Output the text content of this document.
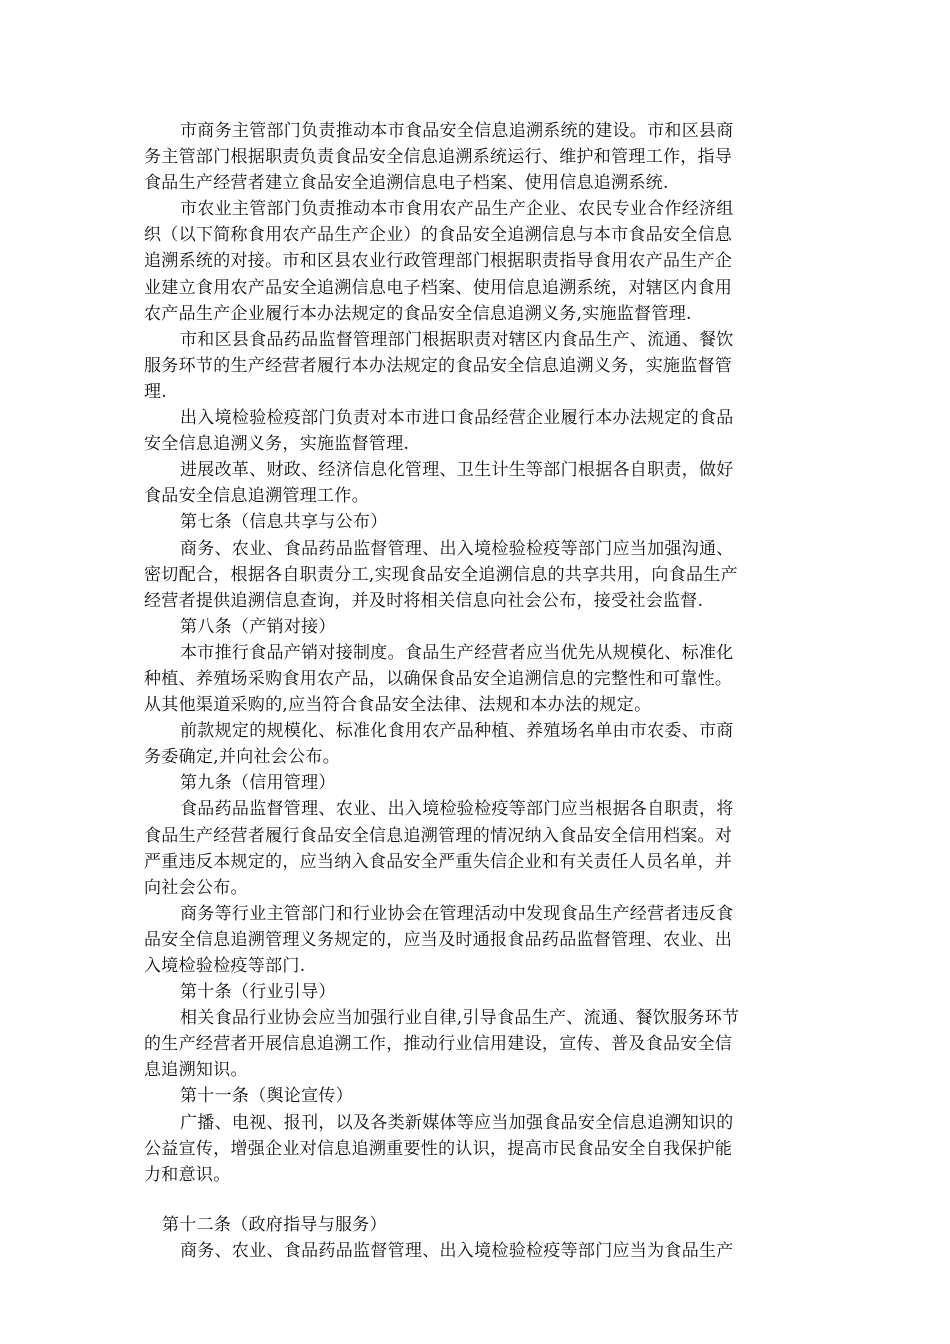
市商务主管部门负责推动本市食品安全信息追溯系统的建设。市和区县商
务主管部门根据职责负责食品安全信息追溯系统运行、维护和管理工作，指导
食品生产经营者建立食品安全追溯信息电子档案、使用信息追溯系统.
市农业主管部门负责推动本市食用农产品生产企业、农民专业合作经济组
织（以下简称食用农产品生产企业）的食品安全追溯信息与本市食品安全信息
追溯系统的对接。市和区县农业行政管理部门根据职责指导食用农产品生产企
业建立食用农产品安全追溯信息电子档案、使用信息追溯系统，对辖区内食用
农产品生产企业履行本办法规定的食品安全信息追溯义务,实施监督管理.
市和区县食品药品监督管理部门根据职责对辖区内食品生产、流通、餐饮
服务环节的生产经营者履行本办法规定的食品安全信息追溯义务，实施监督管
理.
出入境检验检疫部门负责对本市进口食品经营企业履行本办法规定的食品
安全信息追溯义务，实施监督管理.
进展改革、财政、经济信息化管理、卫生计生等部门根据各自职责，做好
食品安全信息追溯管理工作。
第七条（信息共享与公布）
商务、农业、食品药品监督管理、出入境检验检疫等部门应当加强沟通、
密切配合，根据各自职责分工,实现食品安全追溯信息的共享共用，向食品生产
经营者提供追溯信息查询，并及时将相关信息向社会公布，接受社会监督.
第八条（产销对接）
本市推行食品产销对接制度。食品生产经营者应当优先从规模化、标准化
种植、养殖场采购食用农产品，以确保食品安全追溯信息的完整性和可靠性。
从其他渠道采购的,应当符合食品安全法律、法规和本办法的规定。
前款规定的规模化、标准化食用农产品种植、养殖场名单由市农委、市商
务委确定,并向社会公布。
第九条（信用管理）
食品药品监督管理、农业、出入境检验检疫等部门应当根据各自职责，将
食品生产经营者履行食品安全信息追溯管理的情况纳入食品安全信用档案。对
严重违反本规定的，应当纳入食品安全严重失信企业和有关责任人员名单，并
向社会公布。
商务等行业主管部门和行业协会在管理活动中发现食品生产经营者违反食
品安全信息追溯管理义务规定的，应当及时通报食品药品监督管理、农业、出
入境检验检疫等部门.
第十条（行业引导）
相关食品行业协会应当加强行业自律,引导食品生产、流通、餐饮服务环节
的生产经营者开展信息追溯工作，推动行业信用建设，宣传、普及食品安全信
息追溯知识。
第十一条（舆论宣传）
广播、电视、报刊，以及各类新媒体等应当加强食品安全信息追溯知识的
公益宣传，增强企业对信息追溯重要性的认识，提高市民食品安全自我保护能
力和意识。
第十二条（政府指导与服务）
商务、农业、食品药品监督管理、出入境检验检疫等部门应当为食品生产
